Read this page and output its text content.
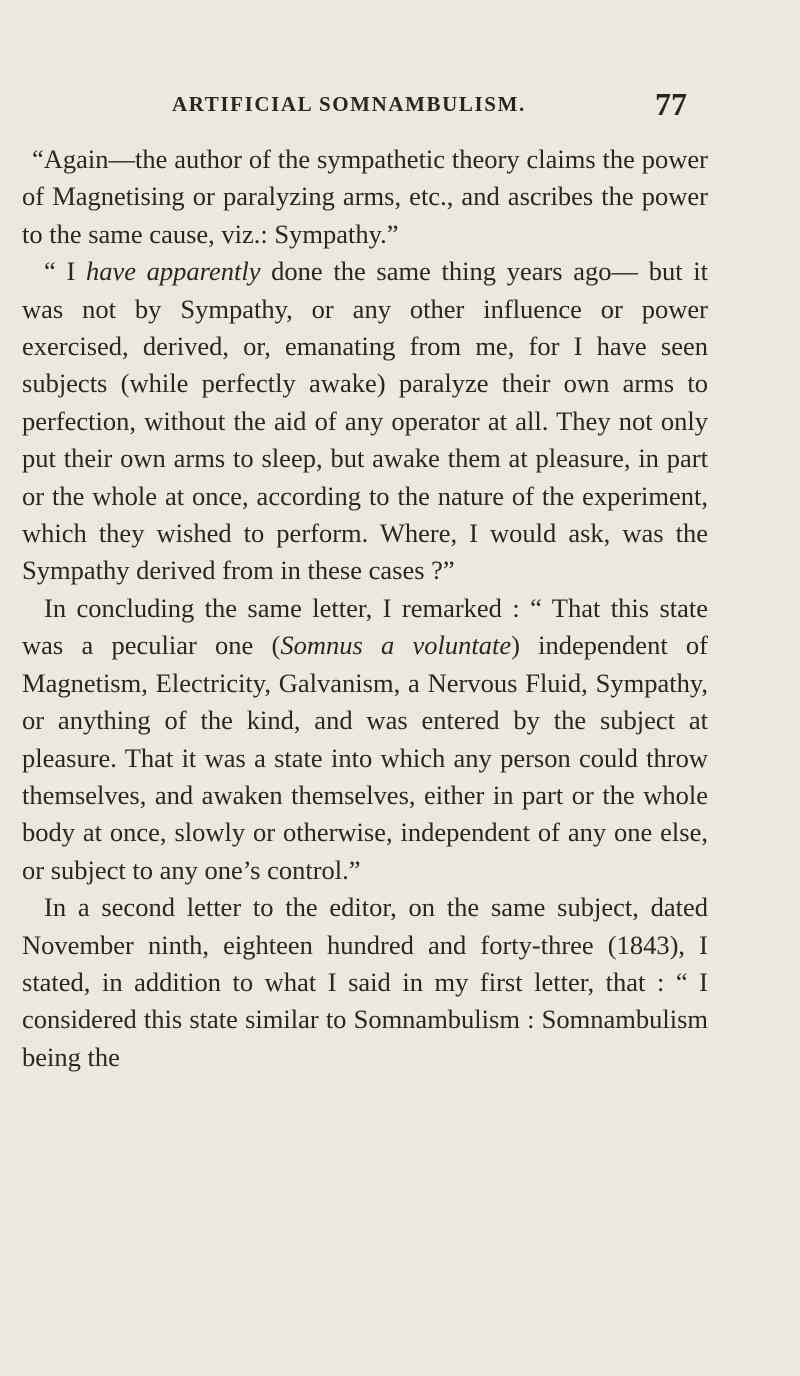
ARTIFICIAL SOMNAMBULISM.	77

“Again—the author of the sympathetic theory claims the power of Magnetising or paralyzing arms, etc., and ascribes the power to the same cause, viz.: Sympathy.”

“ I have apparently done the same thing years ago— but it was not by Sympathy, or any other influence or power exercised, derived, or, emanating from me, for I have seen subjects (while perfectly awake) paralyze their own arms to perfection, without the aid of any operator at all. They not only put their own arms to sleep, but awake them at pleasure, in part or the whole at once, according to the nature of the experiment, which they wished to perform. Where, I would ask, was the Sympathy derived from in these cases ?”

In concluding the same letter, I remarked : “ That this state was a peculiar one (Somnus a voluntate) independent of Magnetism, Electricity, Galvanism, a Nervous Fluid, Sympathy, or anything of the kind, and was entered by the subject at pleasure. That it was a state into which any person could throw themselves, and awaken themselves, either in part or the whole body at once, slowly or otherwise, independent of any one else, or subject to any one’s control.”

In a second letter to the editor, on the same subject, dated November ninth, eighteen hundred and forty-three (1843), I stated, in addition to what I said in my first letter, that : “ I considered this state similar to Somnambulism : Somnambulism being the
